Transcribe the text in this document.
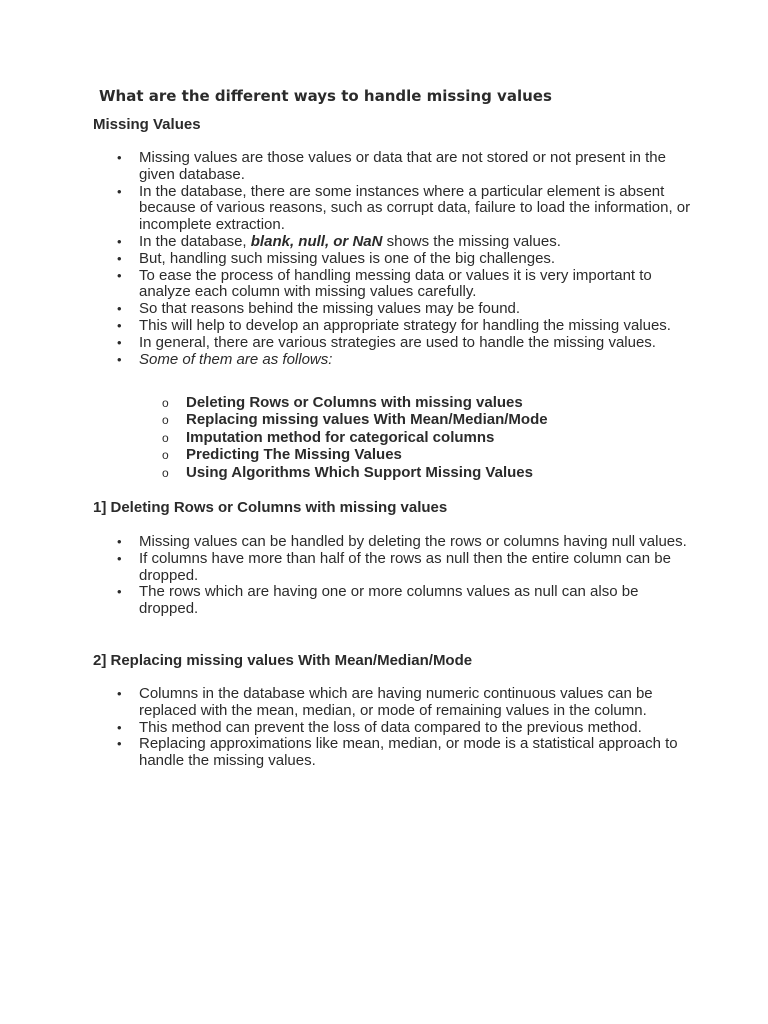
What are the different ways to handle missing values
Missing Values
• Missing values are those values or data that are not stored or not present in the given database.
• In the database, there are some instances where a particular element is absent because of various reasons, such as corrupt data, failure to load the information, or incomplete extraction.
• In the database, blank, null, or NaN shows the missing values.
• But, handling such missing values is one of the big challenges.
• To ease the process of handling messing data or values it is very important to analyze each column with missing values carefully.
• So that reasons behind the missing values may be found.
• This will help to develop an appropriate strategy for handling the missing values.
• In general, there are various strategies are used to handle the missing values.
• Some of them are as follows:
o Deleting Rows or Columns with missing values
o Replacing missing values With Mean/Median/Mode
o Imputation method for categorical columns
o Predicting The Missing Values
o Using Algorithms Which Support Missing Values
1] Deleting Rows or Columns with missing values
• Missing values can be handled by deleting the rows or columns having null values.
• If columns have more than half of the rows as null then the entire column can be dropped.
• The rows which are having one or more columns values as null can also be dropped.
2] Replacing missing values With Mean/Median/Mode
• Columns in the database which are having numeric continuous values can be replaced with the mean, median, or mode of remaining values in the column.
• This method can prevent the loss of data compared to the previous method.
• Replacing approximations like mean, median, or mode is a statistical approach to handle the missing values.
